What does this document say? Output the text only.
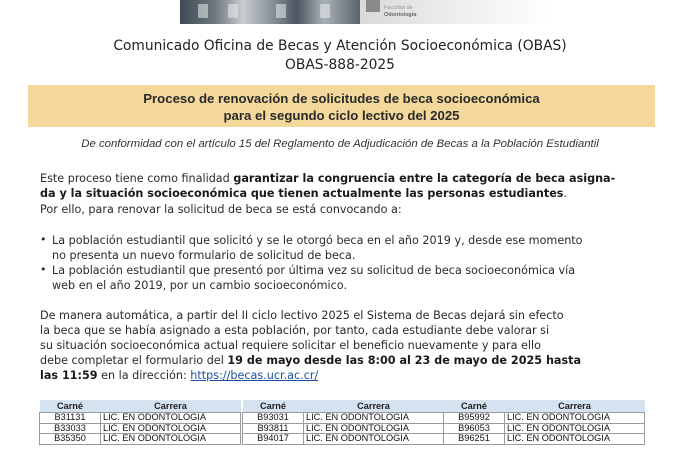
Facultad de
Odontología
Comunicado Oficina de Becas y Atención Socioeconómica (OBAS)
OBAS-888-2025
Proceso de renovación de solicitudes de beca socioeconómica
para el segundo ciclo lectivo del 2025
De conformidad con el artículo 15 del Reglamento de Adjudicación de Becas a la Población Estudiantil
Este proceso tiene como finalidad garantizar la congruencia entre la categoría de beca asigna-
da y la situación socioeconómica que tienen actualmente las personas estudiantes.
Por ello, para renovar la solicitud de beca se está convocando a:
• La población estudiantil que solicitó y se le otorgó beca en el año 2019 y, desde ese momento
no presenta un nuevo formulario de solicitud de beca.
• La población estudiantil que presentó por última vez su solicitud de beca socioeconómica vía
web en el año 2019, por un cambio socioeconómico.
De manera automática, a partir del II ciclo lectivo 2025 el Sistema de Becas dejará sin efecto
la beca que se había asignado a esta población, por tanto, cada estudiante debe valorar si
su situación socioeconómica actual requiere solicitar el beneficio nuevamente y para ello
debe completar el formulario del 19 de mayo desde las 8:00 al 23 de mayo de 2025 hasta
las 11:59 en la dirección: https://becas.ucr.ac.cr/
Carné	Carrera
B31131	LIC. EN ODONTOLOGIA
B33033	LIC. EN ODONTOLOGIA
B35350	LIC. EN ODONTOLOGIA
Carné	Carrera
B93031	LIC. EN ODONTOLOGIA
B93811	LIC. EN ODONTOLOGIA
B94017	LIC. EN ODONTOLOGIA
Carné	Carrera
B95992	LIC. EN ODONTOLOGIA
B96053	LIC. EN ODONTOLOGIA
B96251	LIC. EN ODONTOLOGIA
